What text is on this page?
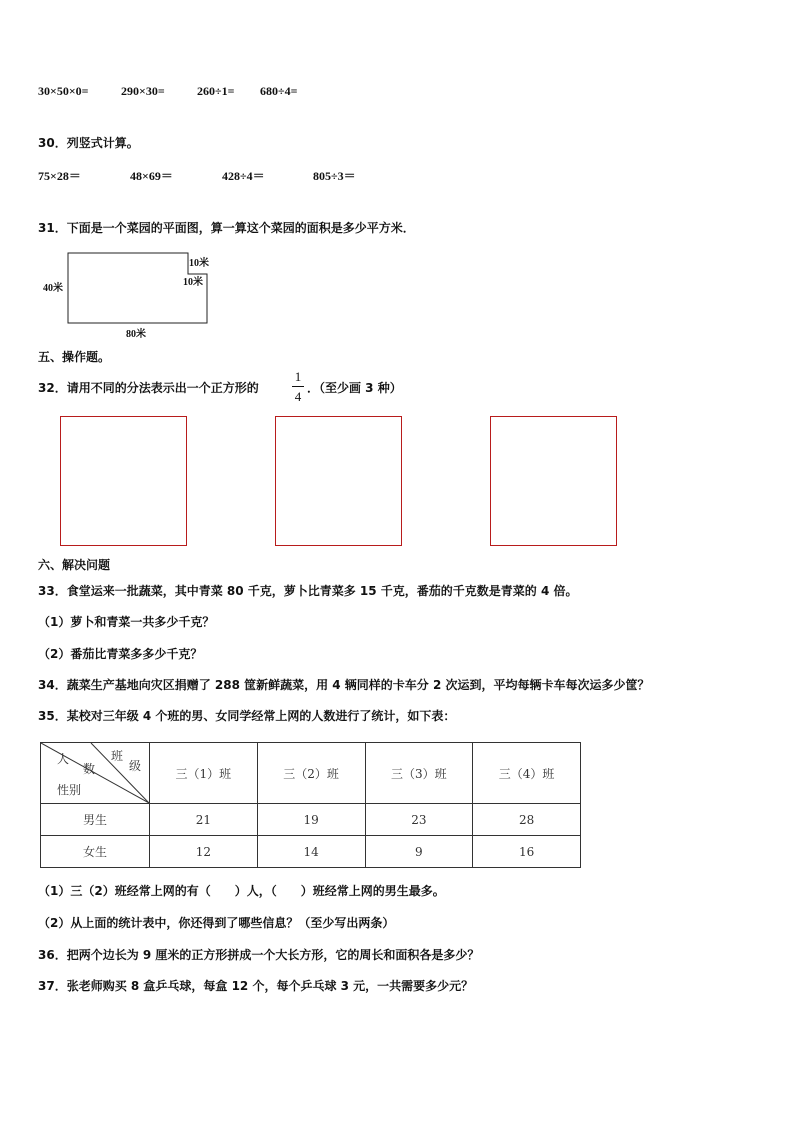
30×50×0=	290×30=	260÷1= 680÷4=
30．列竖式计算。
75×28＝	48×69＝	428÷4＝	805÷3＝
31．下面是一个菜园的平面图，算一算这个菜园的面积是多少平方米．
40米
10米
10米
80米
五、操作题。
32．请用不同的分法表示出一个正方形的
1
4
．（至少画 3 种）
六、解决问题
33．食堂运来一批蔬菜，其中青菜 80 千克，萝卜比青菜多 15 千克，番茄的千克数是青菜的 4 倍。
（1）萝卜和青菜一共多少千克？
（2）番茄比青菜多多少千克？
34．蔬菜生产基地向灾区捐赠了 288 筐新鲜蔬菜，用 4 辆同样的卡车分 2 次运到，平均每辆卡车每次运多少筐？
35．某校对三年级 4 个班的男、女同学经常上网的人数进行了统计，如下表：
人
数
班
级
性别	三（1）班	三（2）班	三（3）班	三（4）班
男生	21	19	23	28
女生	12	14	9	16
（1）三（2）班经常上网的有（　　）人，（　　）班经常上网的男生最多。
（2）从上面的统计表中，你还得到了哪些信息？（至少写出两条）
36．把两个边长为 9 厘米的正方形拼成一个大长方形，它的周长和面积各是多少？
37．张老师购买 8 盒乒乓球，每盒 12 个，每个乒乓球 3 元，一共需要多少元？
